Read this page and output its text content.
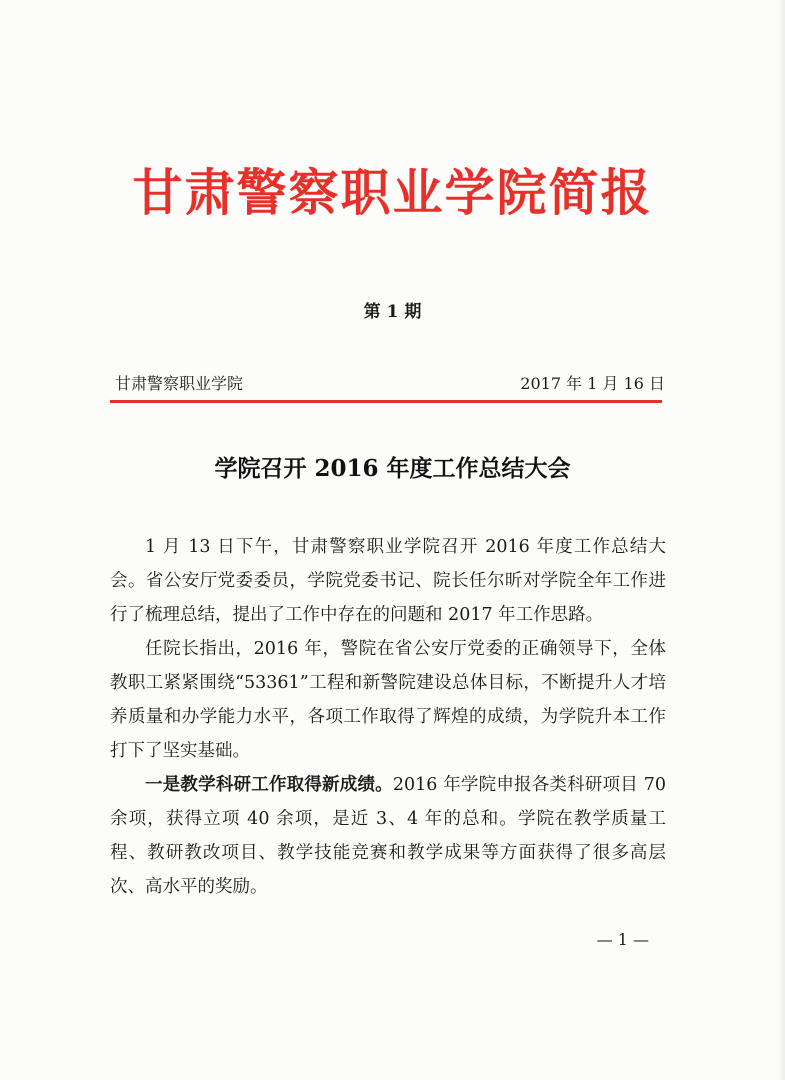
甘肃警察职业学院简报
第 1 期
甘肃警察职业学院	2017 年 1 月 16 日
学院召开 2016 年度工作总结大会

1 月 13 日下午，甘肃警察职业学院召开 2016 年度工作总结大会。省公安厅党委委员，学院党委书记、院长任尔昕对学院全年工作进行了梳理总结，提出了工作中存在的问题和 2017 年工作思路。

任院长指出，2016 年，警院在省公安厅党委的正确领导下，全体教职工紧紧围绕“53361”工程和新警院建设总体目标，不断提升人才培养质量和办学能力水平，各项工作取得了辉煌的成绩，为学院升本工作打下了坚实基础。

一是教学科研工作取得新成绩。2016 年学院申报各类科研项目 70 余项，获得立项 40 余项，是近 3、4 年的总和。学院在教学质量工程、教研教改项目、教学技能竞赛和教学成果等方面获得了很多高层次、高水平的奖励。

— 1 —
